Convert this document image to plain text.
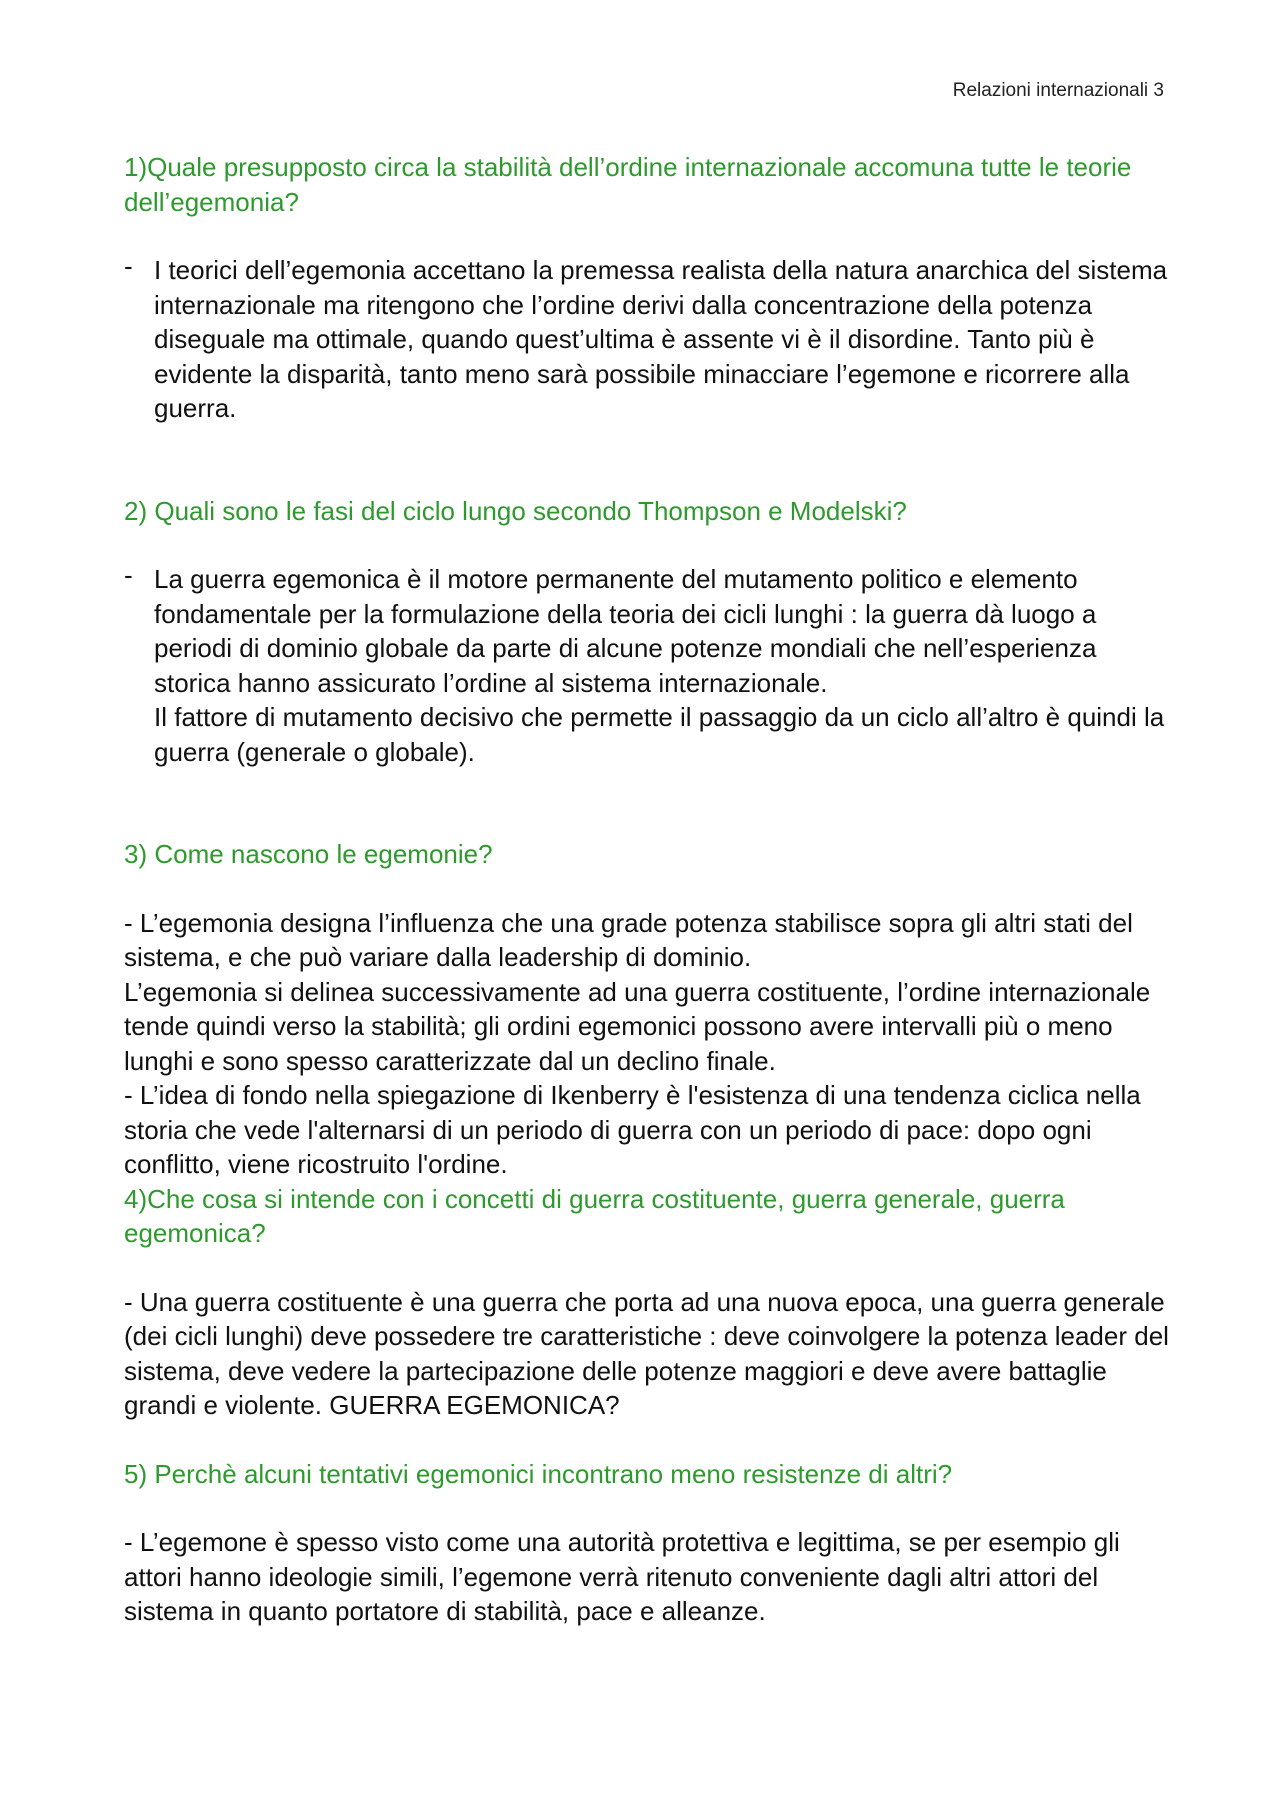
Relazioni internazionali 3

1)Quale presupposto circa la stabilità dell’ordine internazionale accomuna tutte le teorie dell’egemonia?

- I teorici dell’egemonia accettano la premessa realista della natura anarchica del sistema internazionale ma ritengono che l’ordine derivi dalla concentrazione della potenza diseguale ma ottimale, quando quest’ultima è assente vi è il disordine. Tanto più è evidente la disparità, tanto meno sarà possibile minacciare l’egemone e ricorrere alla guerra.

2) Quali sono le fasi del ciclo lungo secondo Thompson e Modelski?

- La guerra egemonica è il motore permanente del mutamento politico e elemento fondamentale per la formulazione della teoria dei cicli lunghi : la guerra dà luogo a periodi di dominio globale da parte di alcune potenze mondiali che nell’esperienza storica hanno assicurato l’ordine al sistema internazionale.

Il fattore di mutamento decisivo che permette il passaggio da un ciclo all’altro è quindi la guerra (generale o globale).

3) Come nascono le egemonie?

- L’egemonia designa l’influenza che una grade potenza stabilisce sopra gli altri stati del sistema, e che può variare dalla leadership di dominio.

L’egemonia si delinea successivamente ad una guerra costituente, l’ordine internazionale tende quindi verso la stabilità; gli ordini egemonici possono avere intervalli più o meno lunghi e sono spesso caratterizzate dal un declino finale.

- L’idea di fondo nella spiegazione di Ikenberry è l'esistenza di una tendenza ciclica nella storia che vede l'alternarsi di un periodo di guerra con un periodo di pace: dopo ogni conflitto, viene ricostruito l'ordine.

4)Che cosa si intende con i concetti di guerra costituente, guerra generale, guerra egemonica?

- Una guerra costituente è una guerra che porta ad una nuova epoca, una guerra generale (dei cicli lunghi) deve possedere tre caratteristiche : deve coinvolgere la potenza leader del sistema, deve vedere la partecipazione delle potenze maggiori e deve avere battaglie grandi e violente. GUERRA EGEMONICA?

5) Perchè alcuni tentativi egemonici incontrano meno resistenze di altri?

- L’egemone è spesso visto come una autorità protettiva e legittima, se per esempio gli attori hanno ideologie simili, l’egemone verrà ritenuto conveniente dagli altri attori del sistema in quanto portatore di stabilità, pace e alleanze.
